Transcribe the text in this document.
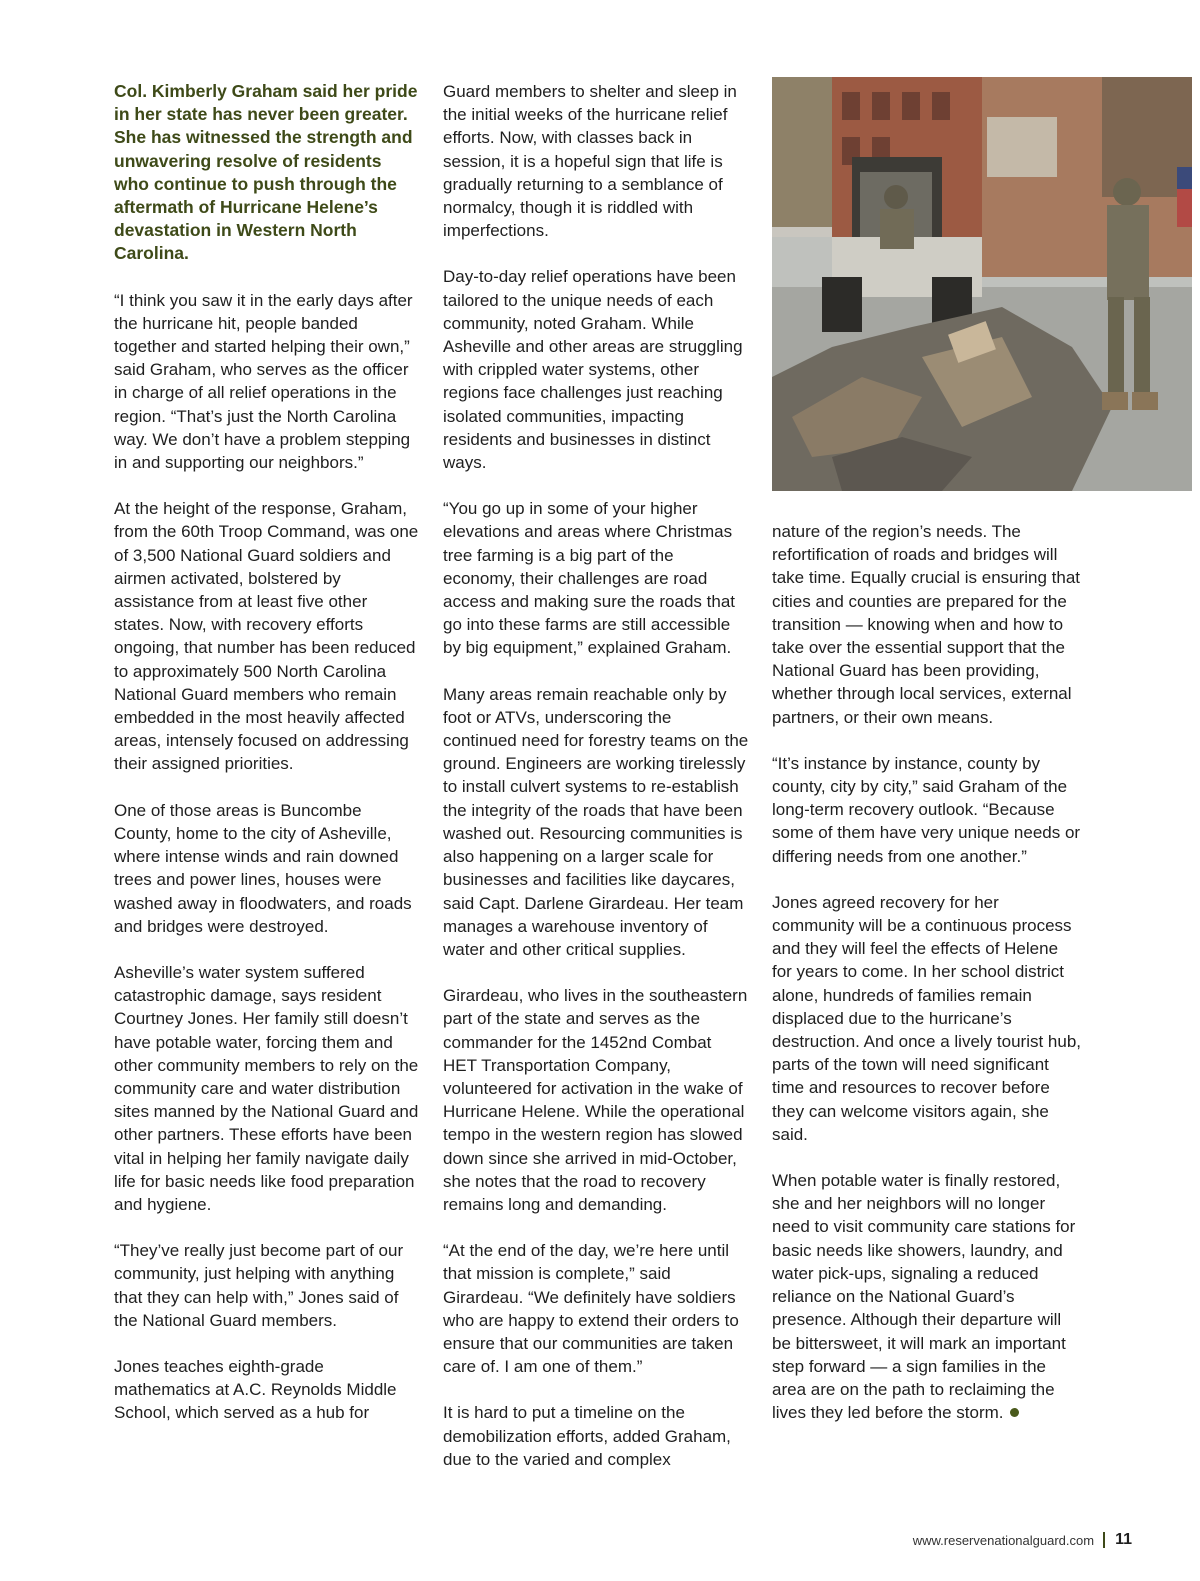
Col. Kimberly Graham said her pride in her state has never been greater. She has witnessed the strength and unwavering resolve of residents who continue to push through the aftermath of Hurricane Helene’s devastation in Western North Carolina.

“I think you saw it in the early days after the hurricane hit, people banded together and started helping their own,” said Graham, who serves as the officer in charge of all relief operations in the region. “That’s just the North Carolina way. We don’t have a problem stepping in and supporting our neighbors.”

At the height of the response, Graham, from the 60th Troop Command, was one of 3,500 National Guard soldiers and airmen activated, bolstered by assistance from at least five other states. Now, with recovery efforts ongoing, that number has been reduced to approximately 500 North Carolina National Guard members who remain embedded in the most heavily affected areas, intensely focused on addressing their assigned priorities.

One of those areas is Buncombe County, home to the city of Asheville, where intense winds and rain downed trees and power lines, houses were washed away in floodwaters, and roads and bridges were destroyed.

Asheville’s water system suffered catastrophic damage, says resident Courtney Jones. Her family still doesn’t have potable water, forcing them and other community members to rely on the community care and water distribution sites manned by the National Guard and other partners. These efforts have been vital in helping her family navigate daily life for basic needs like food preparation and hygiene.

“They’ve really just become part of our community, just helping with anything that they can help with,” Jones said of the National Guard members.

Jones teaches eighth-grade mathematics at A.C. Reynolds Middle School, which served as a hub for

Guard members to shelter and sleep in the initial weeks of the hurricane relief efforts. Now, with classes back in session, it is a hopeful sign that life is gradually returning to a semblance of normalcy, though it is riddled with imperfections.

Day-to-day relief operations have been tailored to the unique needs of each community, noted Graham. While Asheville and other areas are struggling with crippled water systems, other regions face challenges just reaching isolated communities, impacting residents and businesses in distinct ways.

“You go up in some of your higher elevations and areas where Christmas tree farming is a big part of the economy, their challenges are road access and making sure the roads that go into these farms are still accessible by big equipment,” explained Graham.

Many areas remain reachable only by foot or ATVs, underscoring the continued need for forestry teams on the ground. Engineers are working tirelessly to install culvert systems to re-establish the integrity of the roads that have been washed out. Resourcing communities is also happening on a larger scale for businesses and facilities like daycares, said Capt. Darlene Girardeau. Her team manages a warehouse inventory of water and other critical supplies.

Girardeau, who lives in the southeastern part of the state and serves as the commander for the 1452nd Combat HET Transportation Company, volunteered for activation in the wake of Hurricane Helene. While the operational tempo in the western region has slowed down since she arrived in mid-October, she notes that the road to recovery remains long and demanding.

“At the end of the day, we’re here until that mission is complete,” said Girardeau. “We definitely have soldiers who are happy to extend their orders to ensure that our communities are taken care of. I am one of them.”

It is hard to put a timeline on the demobilization efforts, added Graham, due to the varied and complex

nature of the region’s needs. The refortification of roads and bridges will take time. Equally crucial is ensuring that cities and counties are prepared for the transition — knowing when and how to take over the essential support that the National Guard has been providing, whether through local services, external partners, or their own means.

“It’s instance by instance, county by county, city by city,” said Graham of the long-term recovery outlook. “Because some of them have very unique needs or differing needs from one another.”

Jones agreed recovery for her community will be a continuous process and they will feel the effects of Helene for years to come. In her school district alone, hundreds of families remain displaced due to the hurricane’s destruction. And once a lively tourist hub, parts of the town will need significant time and resources to recover before they can welcome visitors again, she said.

When potable water is finally restored, she and her neighbors will no longer need to visit community care stations for basic needs like showers, laundry, and water pick-ups, signaling a reduced reliance on the National Guard’s presence. Although their departure will be bittersweet, it will mark an important step forward — a sign families in the area are on the path to reclaiming the lives they led before the storm.

www.reservenationalguard.com 11
